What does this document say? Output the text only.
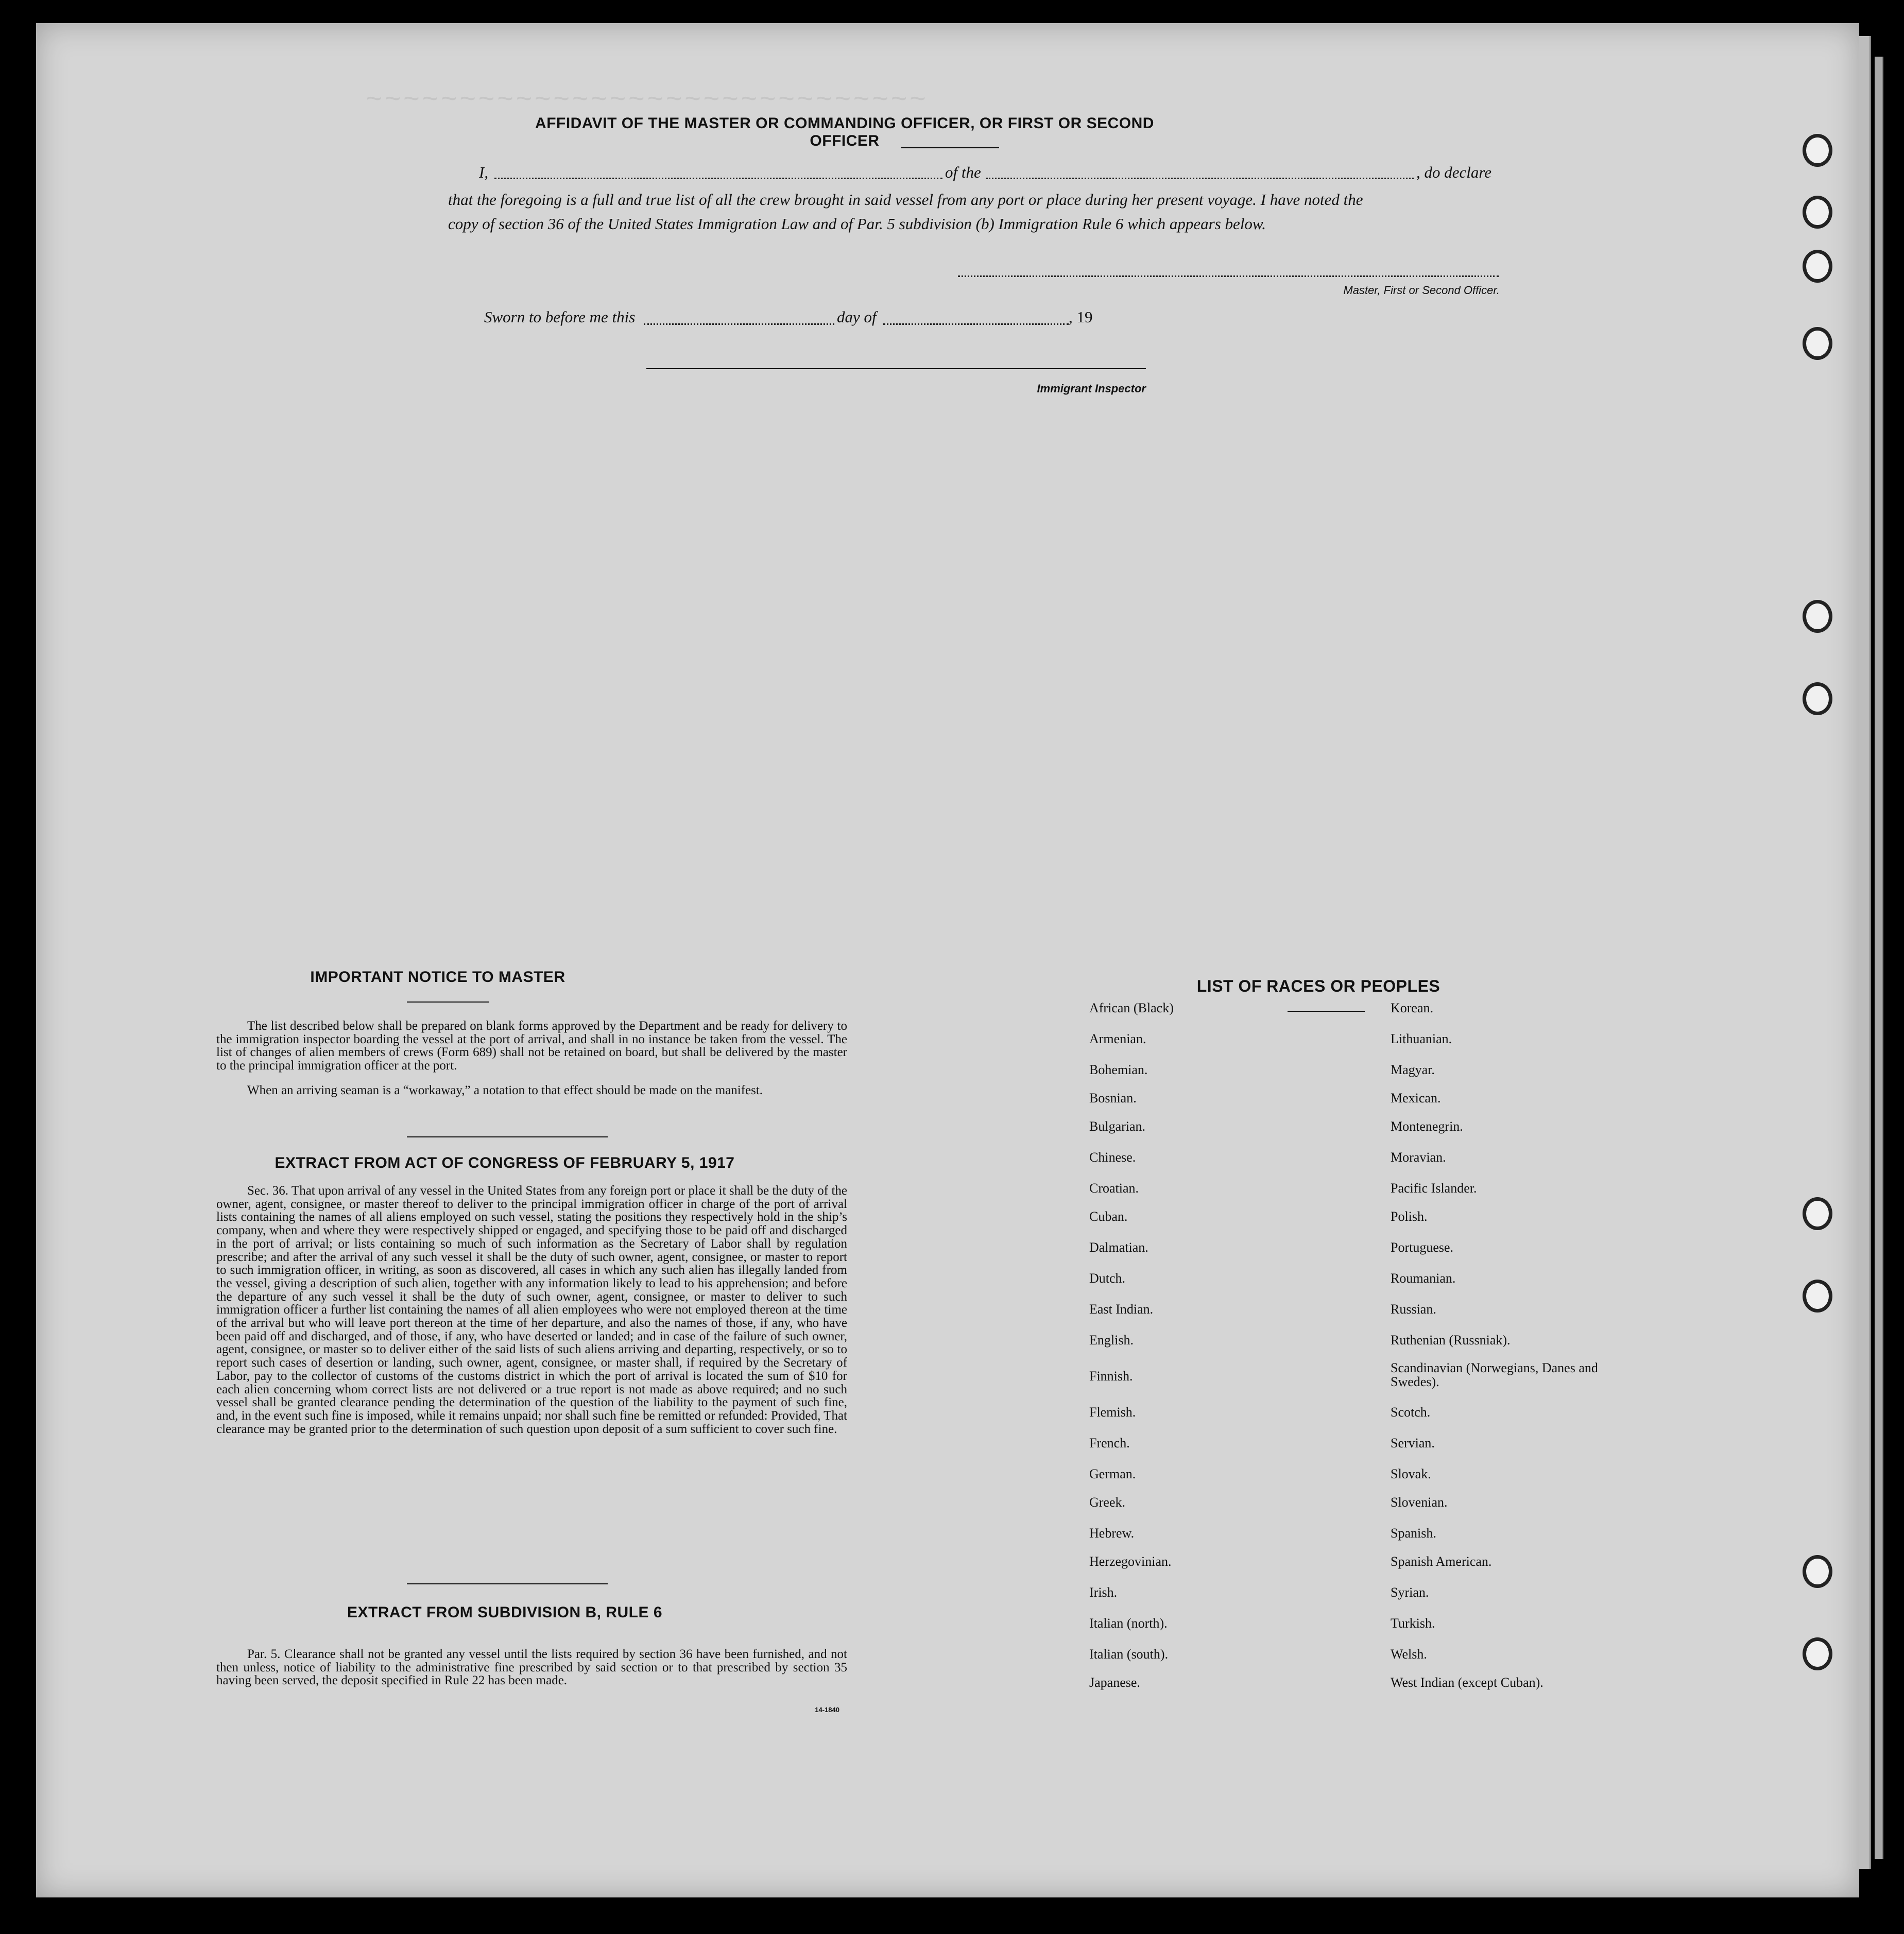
~~~~~~~~~~~~~~~~~~~~~~~~~~~~~~
AFFIDAVIT OF THE MASTER OR COMMANDING OFFICER, OR FIRST OR SECOND OFFICER
I,	of the	, do declare
that the foregoing is a full and true list of all the crew brought in said vessel from any port or place during her present voyage. I have noted the
copy of section 36 of the United States Immigration Law and of Par. 5 subdivision (b) Immigration Rule 6 which appears below.
Master, First or Second Officer.
Sworn to before me this	day of	, 19
Immigrant Inspector
IMPORTANT NOTICE TO MASTER
The list described below shall be prepared on blank forms approved by the Department and be ready for delivery to the immigration inspector boarding the vessel at the port of arrival, and shall in no instance be taken from the vessel. The list of changes of alien members of crews (Form 689) shall not be retained on board, but shall be delivered by the master to the principal immigration officer at the port.
When an arriving seaman is a “workaway,” a notation to that effect should be made on the manifest.
EXTRACT FROM ACT OF CONGRESS OF FEBRUARY 5, 1917
Sec. 36. That upon arrival of any vessel in the United States from any foreign port or place it shall be the duty of the owner, agent, consignee, or master thereof to deliver to the principal immigration officer in charge of the port of arrival lists containing the names of all aliens employed on such vessel, stating the positions they respectively hold in the ship’s company, when and where they were respectively shipped or engaged, and specifying those to be paid off and discharged in the port of arrival; or lists containing so much of such information as the Secretary of Labor shall by regulation prescribe; and after the arrival of any such vessel it shall be the duty of such owner, agent, consignee, or master to report to such immigration officer, in writing, as soon as discovered, all cases in which any such alien has illegally landed from the vessel, giving a description of such alien, together with any information likely to lead to his apprehension; and before the departure of any such vessel it shall be the duty of such owner, agent, consignee, or master to deliver to such immigration officer a further list containing the names of all alien employees who were not employed thereon at the time of the arrival but who will leave port thereon at the time of her departure, and also the names of those, if any, who have been paid off and discharged, and of those, if any, who have deserted or landed; and in case of the failure of such owner, agent, consignee, or master so to deliver either of the said lists of such aliens arriving and departing, respectively, or so to report such cases of desertion or landing, such owner, agent, consignee, or master shall, if required by the Secretary of Labor, pay to the collector of customs of the customs district in which the port of arrival is located the sum of $10 for each alien concerning whom correct lists are not delivered or a true report is not made as above required; and no such vessel shall be granted clearance pending the determination of the question of the liability to the payment of such fine, and, in the event such fine is imposed, while it remains unpaid; nor shall such fine be remitted or refunded: Provided, That clearance may be granted prior to the determination of such question upon deposit of a sum sufficient to cover such fine.
EXTRACT FROM SUBDIVISION B, RULE 6
Par. 5. Clearance shall not be granted any vessel until the lists required by section 36 have been furnished, and not then unless, notice of liability to the administrative fine prescribed by said section or to that prescribed by section 35 having been served, the deposit specified in Rule 22 has been made.
14-1840
LIST OF RACES OR PEOPLES
African (Black)
Armenian.
Bohemian.
Bosnian.
Bulgarian.
Chinese.
Croatian.
Cuban.
Dalmatian.
Dutch.
East Indian.
English.
Finnish.
Flemish.
French.
German.
Greek.
Hebrew.
Herzegovinian.
Irish.
Italian (north).
Italian (south).
Japanese.
Korean.
Lithuanian.
Magyar.
Mexican.
Montenegrin.
Moravian.
Pacific Islander.
Polish.
Portuguese.
Roumanian.
Russian.
Ruthenian (Russniak).
Scandinavian (Norwegians, Danes and Swedes).
Scotch.
Servian.
Slovak.
Slovenian.
Spanish.
Spanish American.
Syrian.
Turkish.
Welsh.
West Indian (except Cuban).
